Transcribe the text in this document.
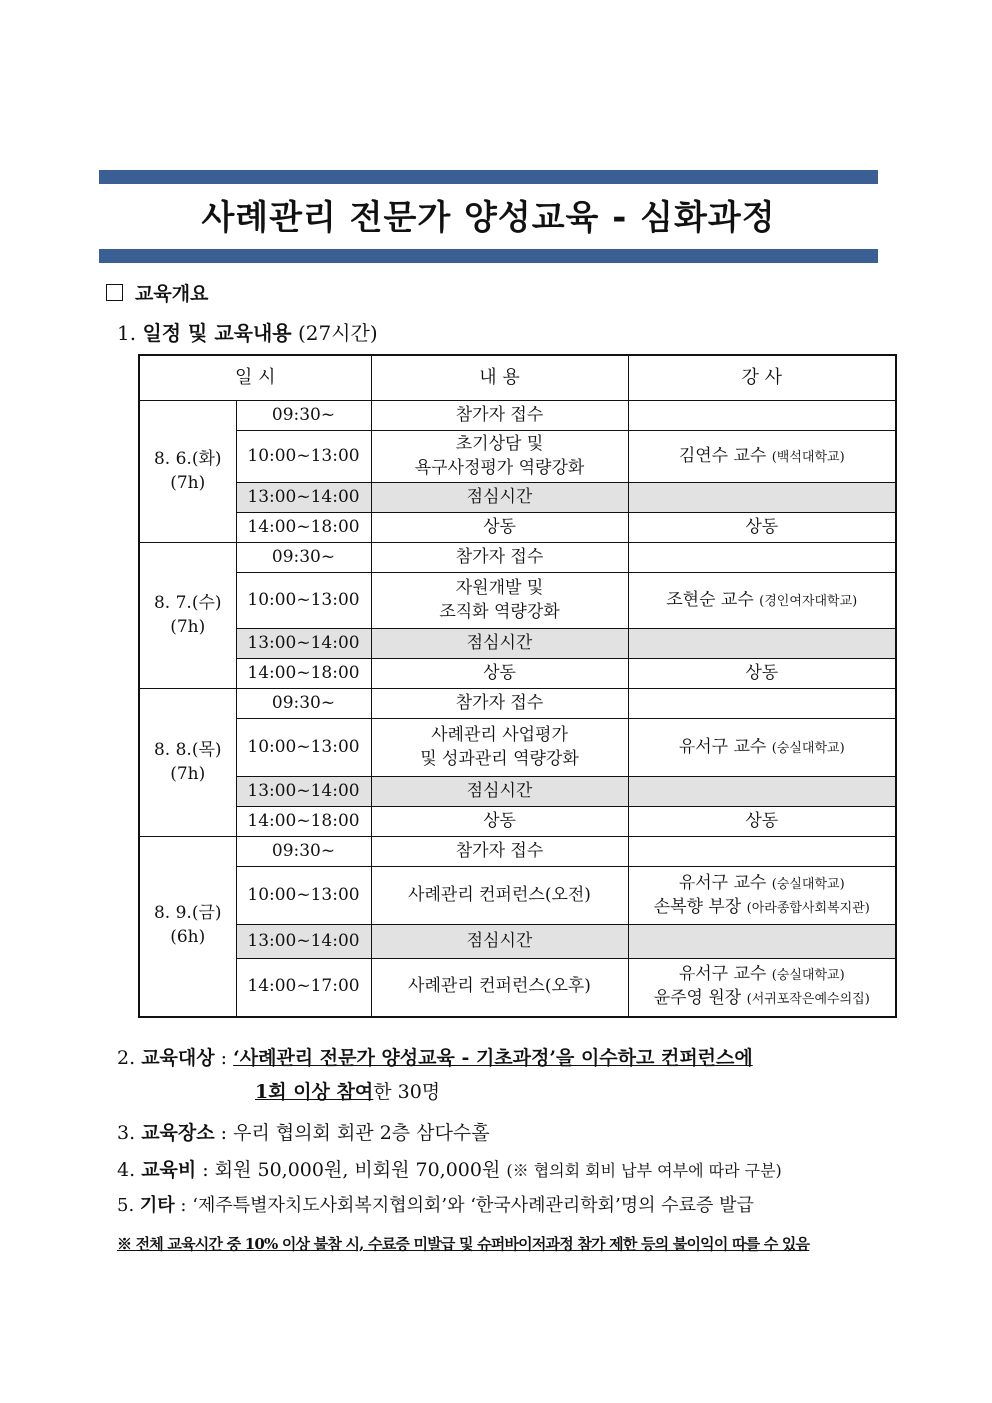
사례관리 전문가 양성교육 - 심화과정
교육개요
1. 일정 및 교육내용 (27시간)
일 시		내 용	강 사
8. 6.(화)
(7h)	09:30~	참가자 접수	
	10:00~13:00	초기상담 및
욕구사정평가 역량강화	김연수 교수 (백석대학교)
	13:00~14:00	점심시간	
	14:00~18:00	상동	상동
8. 7.(수)
(7h)	09:30~	참가자 접수	
	10:00~13:00	자원개발 및
조직화 역량강화	조현순 교수 (경인여자대학교)
	13:00~14:00	점심시간	
	14:00~18:00	상동	상동
8. 8.(목)
(7h)	09:30~	참가자 접수	
	10:00~13:00	사례관리 사업평가
및 성과관리 역량강화	유서구 교수 (숭실대학교)
	13:00~14:00	점심시간	
	14:00~18:00	상동	상동
8. 9.(금)
(6h)	09:30~	참가자 접수	
	10:00~13:00	사례관리 컨퍼런스(오전)	유서구 교수 (숭실대학교)
손복향 부장 (아라종합사회복지관)
	13:00~14:00	점심시간	
	14:00~17:00	사례관리 컨퍼런스(오후)	유서구 교수 (숭실대학교)
윤주영 원장 (서귀포작은예수의집)
2. 교육대상 : ‘사례관리 전문가 양성교육 - 기초과정’을 이수하고 컨퍼런스에
1회 이상 참여한 30명
3. 교육장소 : 우리 협의회 회관 2층 삼다수홀
4. 교육비 : 회원 50,000원, 비회원 70,000원 (※ 협의회 회비 납부 여부에 따라 구분)
5. 기타 : ‘제주특별자치도사회복지협의회’와 ‘한국사례관리학회’명의 수료증 발급
※ 전체 교육시간 중 10% 이상 불참 시, 수료증 미발급 및 슈퍼바이저과정 참가 제한 등의 불이익이 따를 수 있음
